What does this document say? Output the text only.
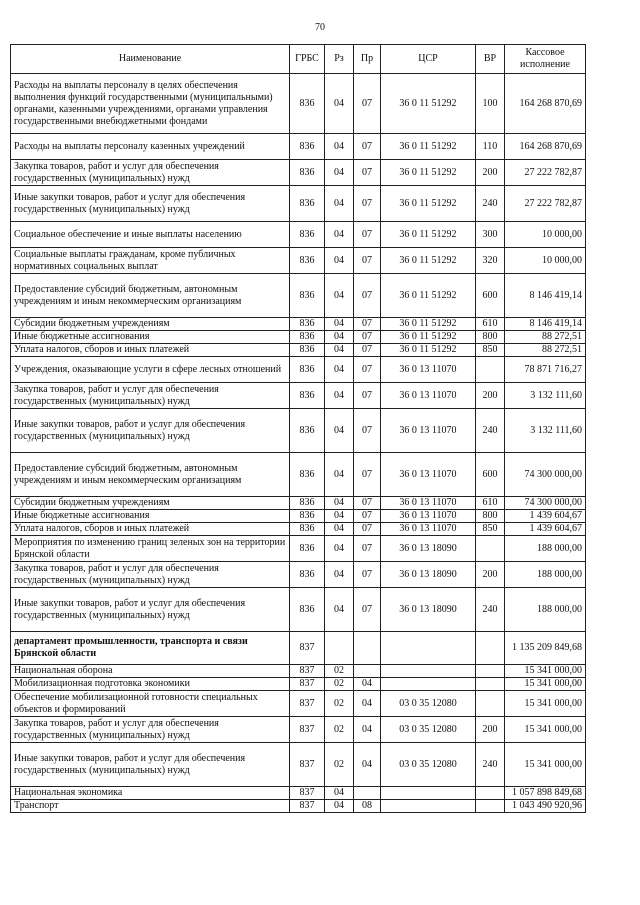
70
Наименование	ГРБС	Рз	Пр	ЦСР	ВР	Кассовое исполнение
Расходы на выплаты персоналу в целях обеспечения выполнения функций государственными (муниципальными) органами, казенными учреждениями, органами управления государственными внебюджетными фондами	836	04	07	36 0 11 51292	100	164 268 870,69
Расходы на выплаты персоналу казенных учреждений	836	04	07	36 0 11 51292	110	164 268 870,69
Закупка товаров, работ и услуг для обеспечения государственных (муниципальных) нужд	836	04	07	36 0 11 51292	200	27 222 782,87
Иные закупки товаров, работ и услуг для обеспечения государственных (муниципальных) нужд	836	04	07	36 0 11 51292	240	27 222 782,87
Социальное обеспечение и иные выплаты населению	836	04	07	36 0 11 51292	300	10 000,00
Социальные выплаты гражданам, кроме публичных нормативных социальных выплат	836	04	07	36 0 11 51292	320	10 000,00
Предоставление субсидий бюджетным, автономным учреждениям и иным некоммерческим организациям	836	04	07	36 0 11 51292	600	8 146 419,14
Субсидии бюджетным учреждениям	836	04	07	36 0 11 51292	610	8 146 419,14
Иные бюджетные ассигнования	836	04	07	36 0 11 51292	800	88 272,51
Уплата налогов, сборов и иных платежей	836	04	07	36 0 11 51292	850	88 272,51
Учреждения, оказывающие услуги в сфере лесных отношений	836	04	07	36 0 13 11070		78 871 716,27
Закупка товаров, работ и услуг для обеспечения государственных (муниципальных) нужд	836	04	07	36 0 13 11070	200	3 132 111,60
Иные закупки товаров, работ и услуг для обеспечения государственных (муниципальных) нужд	836	04	07	36 0 13 11070	240	3 132 111,60
Предоставление субсидий бюджетным, автономным учреждениям и иным некоммерческим организациям	836	04	07	36 0 13 11070	600	74 300 000,00
Субсидии бюджетным учреждениям	836	04	07	36 0 13 11070	610	74 300 000,00
Иные бюджетные ассигнования	836	04	07	36 0 13 11070	800	1 439 604,67
Уплата налогов, сборов и иных платежей	836	04	07	36 0 13 11070	850	1 439 604,67
Мероприятия по изменению границ зеленых зон на территории Брянской области	836	04	07	36 0 13 18090		188 000,00
Закупка товаров, работ и услуг для обеспечения государственных (муниципальных) нужд	836	04	07	36 0 13 18090	200	188 000,00
Иные закупки товаров, работ и услуг для обеспечения государственных (муниципальных) нужд	836	04	07	36 0 13 18090	240	188 000,00
департамент промышленности, транспорта и связи Брянской области	837					1 135 209 849,68
Национальная оборона	837	02				15 341 000,00
Мобилизационная подготовка экономики	837	02	04			15 341 000,00
Обеспечение мобилизационной готовности специальных объектов и формирований	837	02	04	03 0 35 12080		15 341 000,00
Закупка товаров, работ и услуг для обеспечения государственных (муниципальных) нужд	837	02	04	03 0 35 12080	200	15 341 000,00
Иные закупки товаров, работ и услуг для обеспечения государственных (муниципальных) нужд	837	02	04	03 0 35 12080	240	15 341 000,00
Национальная экономика	837	04				1 057 898 849,68
Транспорт	837	04	08			1 043 490 920,96
